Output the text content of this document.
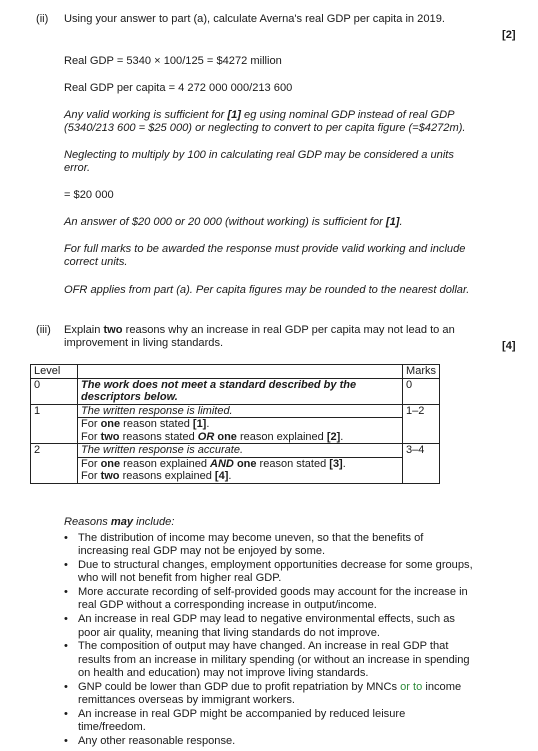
(ii) Using your answer to part (a), calculate Averna's real GDP per capita in 2019.
[2]
Real GDP = 5340 × 100/125 = $4272 million
Real GDP per capita = 4 272 000 000/213 600

Any valid working is sufficient for [1] eg using nominal GDP instead of real GDP (5340/213 600 = $25 000) or neglecting to convert to per capita figure (=$4272m).

Neglecting to multiply by 100 in calculating real GDP may be considered a units error.

= $20 000

An answer of $20 000 or 20 000 (without working) is sufficient for [1].

For full marks to be awarded the response must provide valid working and include correct units.

OFR applies from part (a). Per capita figures may be rounded to the nearest dollar.

(iii) Explain two reasons why an increase in real GDP per capita may not lead to an improvement in living standards.	[4]
Level		Marks
0	The work does not meet a standard described by the descriptors below.	0
1	The written response is limited.	1–2

	For one reason stated [1].
For two reasons stated OR one reason explained [2].	

2	The written response is accurate.	3–4

	For one reason explained AND one reason stated [3].
For two reasons explained [4].	

Reasons may include:

• The distribution of income may become uneven, so that the benefits of increasing real GDP may not be enjoyed by some.
• Due to structural changes, employment opportunities decrease for some groups, who will not benefit from higher real GDP.
• More accurate recording of self-provided goods may account for the increase in real GDP without a corresponding increase in output/income.
• An increase in real GDP may lead to negative environmental effects, such as poor air quality, meaning that living standards do not improve.
• The composition of output may have changed. An increase in real GDP that results from an increase in military spending (or without an increase in spending on health and education) may not improve living standards.
• GNP could be lower than GDP due to profit repatriation by MNCs or to income remittances overseas by immigrant workers.
• An increase in real GDP might be accompanied by reduced leisure time/freedom.
• Any other reasonable response.
